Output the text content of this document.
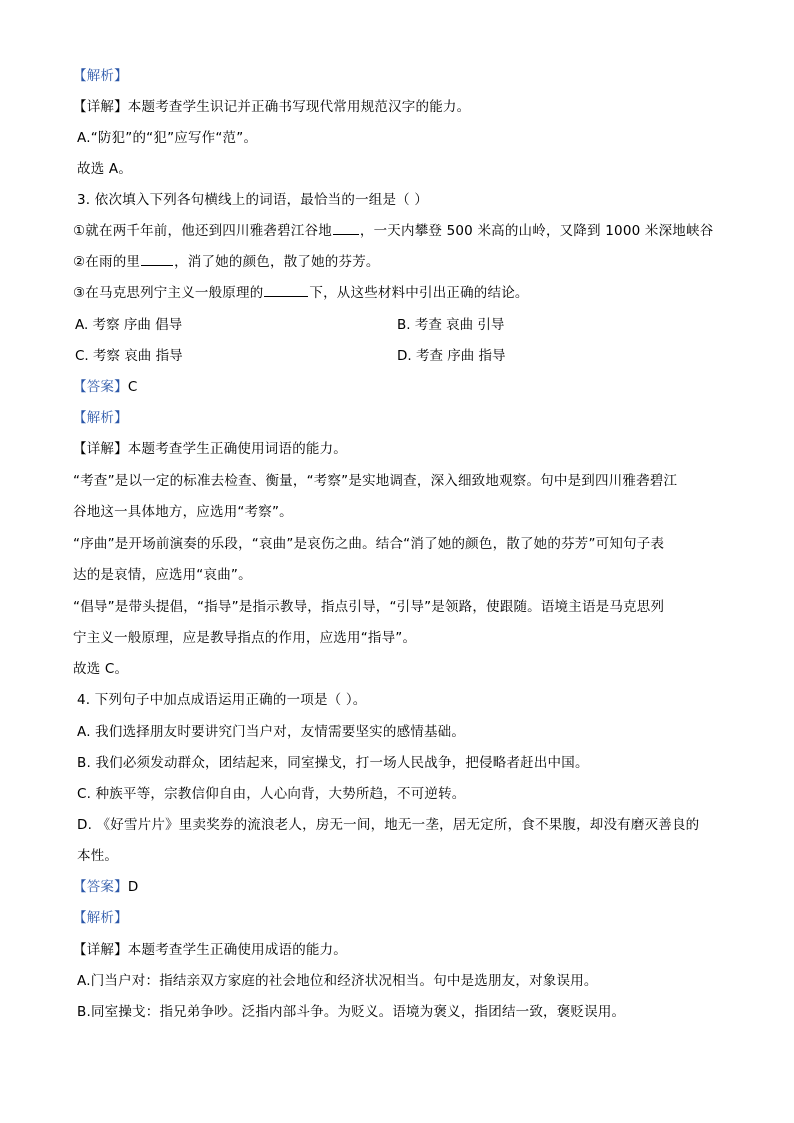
【解析】
【详解】本题考查学生识记并正确书写现代常用规范汉字的能力。
A.“防犯”的“犯”应写作“范”。
故选 A。
3. 依次填入下列各句横线上的词语，最恰当的一组是（ ）
①就在两千年前，他还到四川雅砻碧江谷地 ，一天内攀登 500 米高的山岭，又降到 1000 米深地峡谷
②在雨的里	，消了她的颜色，散了她的芬芳。
③在马克思列宁主义一般原理的	下，从这些材料中引出正确的结论。
A. 考察 序曲 倡导	B. 考查 哀曲 引导
C. 考察 哀曲 指导	D. 考查 序曲 指导
【答案】C
【解析】
【详解】本题考查学生正确使用词语的能力。
“考查”是以一定的标准去检查、衡量，“考察”是实地调查，深入细致地观察。句中是到四川雅砻碧江
谷地这一具体地方，应选用“考察”。
“序曲”是开场前演奏的乐段，“哀曲”是哀伤之曲。结合“消了她的颜色，散了她的芬芳”可知句子表
达的是哀情，应选用“哀曲”。
“倡导”是带头提倡，“指导”是指示教导，指点引导，“引导”是领路，使跟随。语境主语是马克思列
宁主义一般原理，应是教导指点的作用，应选用“指导”。
故选 C。
4. 下列句子中加点成语运用正确的一项是（ ）。
A. 我们选择朋友时要讲究门当户对，友情需要坚实的感情基础。
B. 我们必须发动群众，团结起来，同室操戈，打一场人民战争，把侵略者赶出中国。
C. 种族平等，宗教信仰自由，人心向背，大势所趋，不可逆转。
D. 《好雪片片》里卖奖券的流浪老人，房无一间，地无一垄，居无定所，食不果腹，却没有磨灭善良的
本性。
【答案】D
【解析】
【详解】本题考查学生正确使用成语的能力。
A.门当户对：指结亲双方家庭的社会地位和经济状况相当。句中是选朋友，对象误用。
B.同室操戈：指兄弟争吵。泛指内部斗争。为贬义。语境为褒义，指团结一致，褒贬误用。
